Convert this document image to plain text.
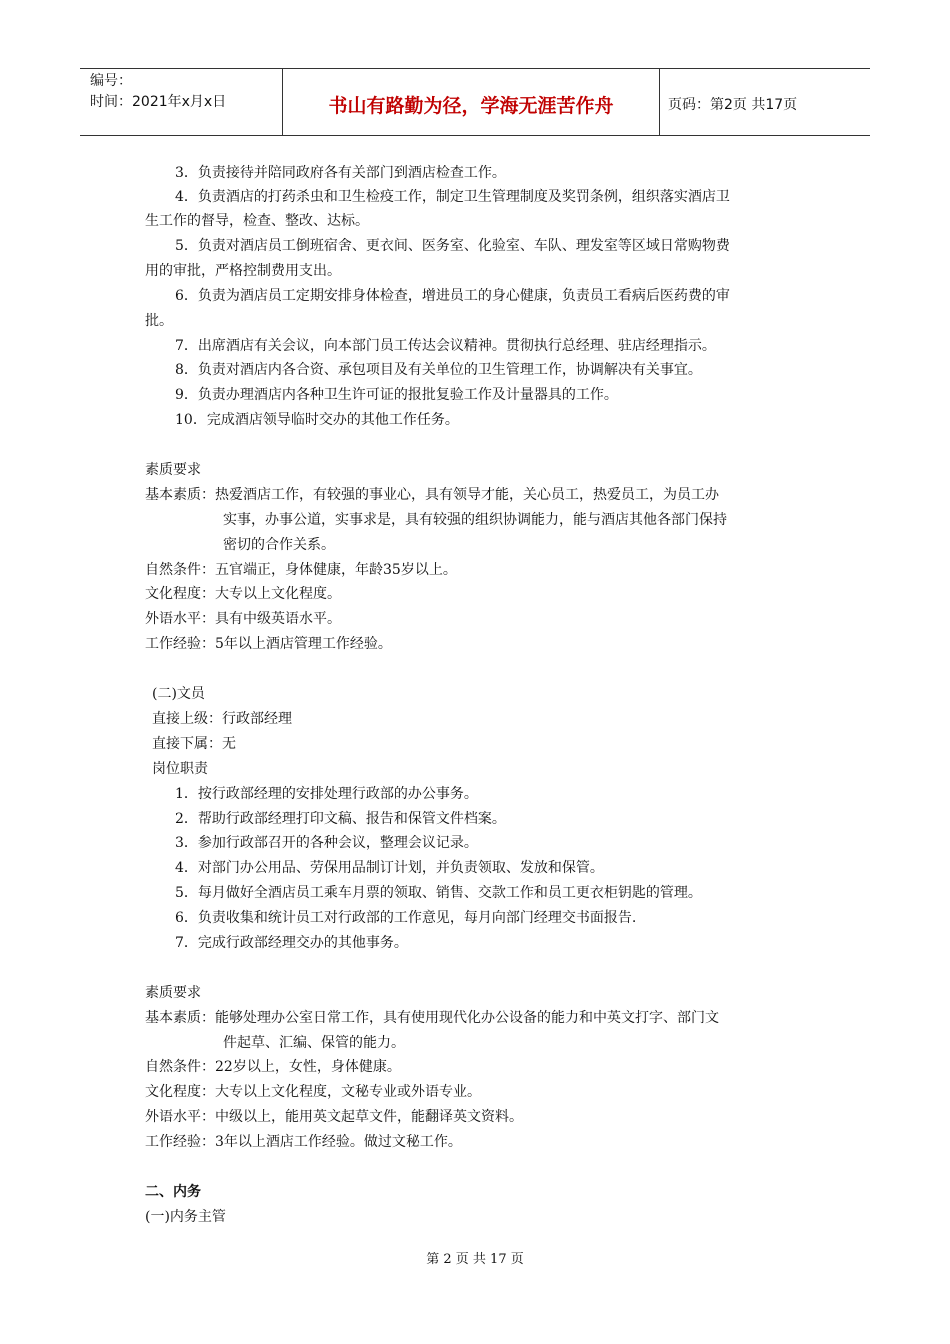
编号：
时间：2021年x月x日	书山有路勤为径，学海无涯苦作舟	页码：第2页 共17页
3．负责接待并陪同政府各有关部门到酒店检查工作。
4．负责酒店的打药杀虫和卫生检疫工作，制定卫生管理制度及奖罚条例，组织落实酒店卫
生工作的督导，检查、整改、达标。
5．负责对酒店员工倒班宿舍、更衣间、医务室、化验室、车队、理发室等区域日常购物费
用的审批，严格控制费用支出。
6．负责为酒店员工定期安排身体检查，增进员工的身心健康，负责员工看病后医药费的审
批。
7．出席酒店有关会议，向本部门员工传达会议精神。贯彻执行总经理、驻店经理指示。
8．负责对酒店内各合资、承包项目及有关单位的卫生管理工作，协调解决有关事宜。
9．负责办理酒店内各种卫生许可证的报批复验工作及计量器具的工作。
10．完成酒店领导临时交办的其他工作任务。
素质要求
基本素质：热爱酒店工作，有较强的事业心，具有领导才能，关心员工，热爱员工，为员工办
实事，办事公道，实事求是，具有较强的组织协调能力，能与酒店其他各部门保持
密切的合作关系。
自然条件：五官端正，身体健康，年龄35岁以上。
文化程度：大专以上文化程度。
外语水平：具有中级英语水平。
工作经验：5年以上酒店管理工作经验。
(二)文员
直接上级：行政部经理
直接下属：无
岗位职责
1．按行政部经理的安排处理行政部的办公事务。
2．帮助行政部经理打印文稿、报告和保管文件档案。
3．参加行政部召开的各种会议，整理会议记录。
4．对部门办公用品、劳保用品制订计划，并负责领取、发放和保管。
5．每月做好全酒店员工乘车月票的领取、销售、交款工作和员工更衣柜钥匙的管理。
6．负责收集和统计员工对行政部的工作意见，每月向部门经理交书面报告.
7．完成行政部经理交办的其他事务。
素质要求
基本素质：能够处理办公室日常工作，具有使用现代化办公设备的能力和中英文打字、部门文
件起草、汇编、保管的能力。
自然条件：22岁以上，女性，身体健康。
文化程度：大专以上文化程度，文秘专业或外语专业。
外语水平：中级以上，能用英文起草文件，能翻译英文资料。
工作经验：3年以上酒店工作经验。做过文秘工作。
二、内务
(一)内务主管
第 2 页 共 17 页
